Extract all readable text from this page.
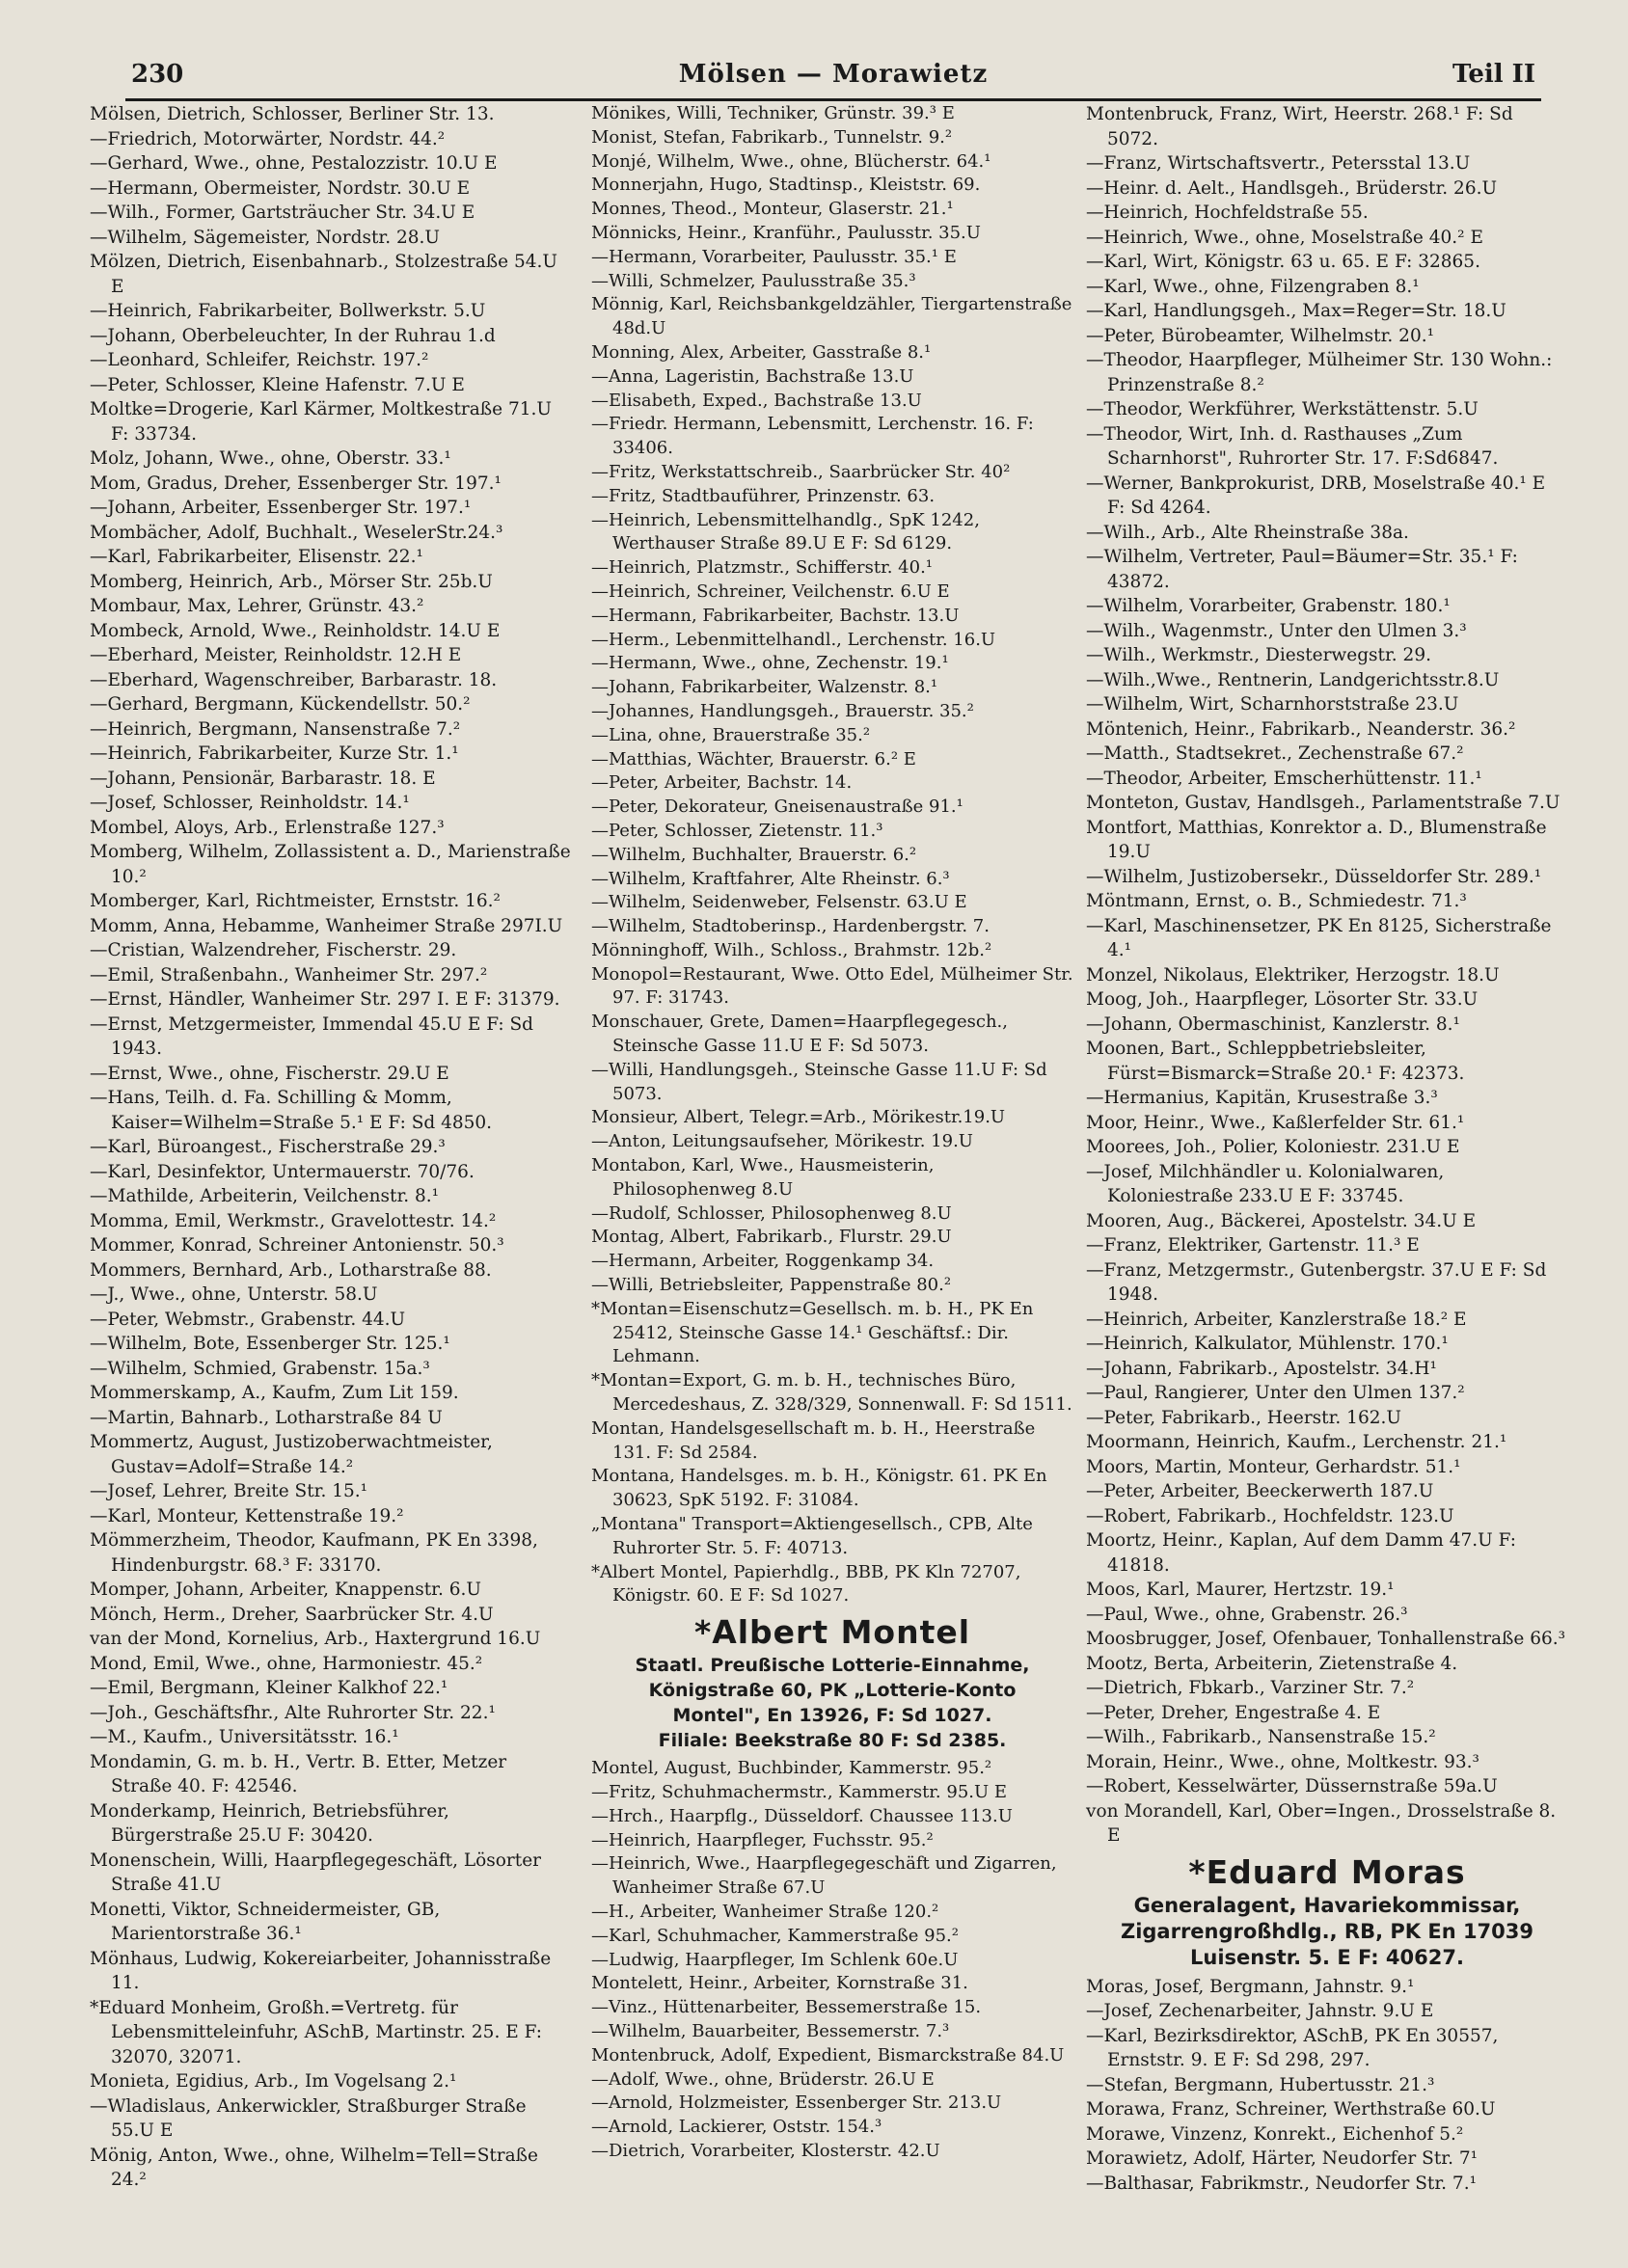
230	Mölsen — Morawietz	Teil II
Mölsen, Dietrich, Schlosser, Berliner Str. 13.
—Friedrich, Motorwärter, Nordstr. 44.²
—Gerhard, Wwe., ohne, Pestalozzistr. 10.U E
—Hermann, Obermeister, Nordstr. 30.U E
—Wilh., Former, Gartsträucher Str. 34.U E
—Wilhelm, Sägemeister, Nordstr. 28.U
Mölzen, Dietrich, Eisenbahnarb., Stolzestraße 54.U E
—Heinrich, Fabrikarbeiter, Bollwerkstr. 5.U
—Johann, Oberbeleuchter, In der Ruhrau 1.d
—Leonhard, Schleifer, Reichstr. 197.²
—Peter, Schlosser, Kleine Hafenstr. 7.U E
Moltke=Drogerie, Karl Kärmer, Moltkestraße 71.U F: 33734.
Molz, Johann, Wwe., ohne, Oberstr. 33.¹
Mom, Gradus, Dreher, Essenberger Str. 197.¹
—Johann, Arbeiter, Essenberger Str. 197.¹
Mombächer, Adolf, Buchhalt., WeselerStr.24.³
—Karl, Fabrikarbeiter, Elisenstr. 22.¹
Momberg, Heinrich, Arb., Mörser Str. 25b.U
Mombaur, Max, Lehrer, Grünstr. 43.²
Mombeck, Arnold, Wwe., Reinholdstr. 14.U E
—Eberhard, Meister, Reinholdstr. 12.H E
—Eberhard, Wagenschreiber, Barbarastr. 18.
—Gerhard, Bergmann, Kückendellstr. 50.²
—Heinrich, Bergmann, Nansenstraße 7.²
—Heinrich, Fabrikarbeiter, Kurze Str. 1.¹
—Johann, Pensionär, Barbarastr. 18. E
—Josef, Schlosser, Reinholdstr. 14.¹
Mombel, Aloys, Arb., Erlenstraße 127.³
Momberg, Wilhelm, Zollassistent a. D., Marienstraße 10.²
Momberger, Karl, Richtmeister, Ernststr. 16.²
Momm, Anna, Hebamme, Wanheimer Straße 297I.U
—Cristian, Walzendreher, Fischerstr. 29.
—Emil, Straßenbahn., Wanheimer Str. 297.²
—Ernst, Händler, Wanheimer Str. 297 I. E F: 31379.
—Ernst, Metzgermeister, Immendal 45.U E F: Sd 1943.
—Ernst, Wwe., ohne, Fischerstr. 29.U E
—Hans, Teilh. d. Fa. Schilling & Momm, Kaiser=Wilhelm=Straße 5.¹ E F: Sd 4850.
—Karl, Büroangest., Fischerstraße 29.³
—Karl, Desinfektor, Untermauerstr. 70/76.
—Mathilde, Arbeiterin, Veilchenstr. 8.¹
Momma, Emil, Werkmstr., Gravelottestr. 14.²
Mommer, Konrad, Schreiner Antonienstr. 50.³
Mommers, Bernhard, Arb., Lotharstraße 88.
—J., Wwe., ohne, Unterstr. 58.U
—Peter, Webmstr., Grabenstr. 44.U
—Wilhelm, Bote, Essenberger Str. 125.¹
—Wilhelm, Schmied, Grabenstr. 15a.³
Mommerskamp, A., Kaufm, Zum Lit 159.
—Martin, Bahnarb., Lotharstraße 84 U
Mommertz, August, Justizoberwachtmeister, Gustav=Adolf=Straße 14.²
—Josef, Lehrer, Breite Str. 15.¹
—Karl, Monteur, Kettenstraße 19.²
Mömmerzheim, Theodor, Kaufmann, PK En 3398, Hindenburgstr. 68.³ F: 33170.
Momper, Johann, Arbeiter, Knappenstr. 6.U
Mönch, Herm., Dreher, Saarbrücker Str. 4.U
van der Mond, Kornelius, Arb., Haxtergrund 16.U
Mond, Emil, Wwe., ohne, Harmoniestr. 45.²
—Emil, Bergmann, Kleiner Kalkhof 22.¹
—Joh., Geschäftsfhr., Alte Ruhrorter Str. 22.¹
—M., Kaufm., Universitätsstr. 16.¹
Mondamin, G. m. b. H., Vertr. B. Etter, Metzer Straße 40. F: 42546.
Monderkamp, Heinrich, Betriebsführer, Bürgerstraße 25.U F: 30420.
Monenschein, Willi, Haarpflegegeschäft, Lösorter Straße 41.U
Monetti, Viktor, Schneidermeister, GB, Marientorstraße 36.¹
Mönhaus, Ludwig, Kokereiarbeiter, Johannisstraße 11.
*Eduard Monheim, Großh.=Vertretg. für Lebensmitteleinfuhr, ASchB, Martinstr. 25. E F: 32070, 32071.
Monieta, Egidius, Arb., Im Vogelsang 2.¹
—Wladislaus, Ankerwickler, Straßburger Straße 55.U E
Mönig, Anton, Wwe., ohne, Wilhelm=Tell=Straße 24.²
Mönikes, Willi, Techniker, Grünstr. 39.³ E
Monist, Stefan, Fabrikarb., Tunnelstr. 9.²
Monjé, Wilhelm, Wwe., ohne, Blücherstr. 64.¹
Monnerjahn, Hugo, Stadtinsp., Kleiststr. 69.
Monnes, Theod., Monteur, Glaserstr. 21.¹
Mönnicks, Heinr., Kranführ., Paulusstr. 35.U
—Hermann, Vorarbeiter, Paulusstr. 35.¹ E
—Willi, Schmelzer, Paulusstraße 35.³
Mönnig, Karl, Reichsbankgeldzähler, Tiergartenstraße 48d.U
Monning, Alex, Arbeiter, Gasstraße 8.¹
—Anna, Lageristin, Bachstraße 13.U
—Elisabeth, Exped., Bachstraße 13.U
—Friedr. Hermann, Lebensmitt, Lerchenstr. 16. F: 33406.
—Fritz, Werkstattschreib., Saarbrücker Str. 40²
—Fritz, Stadtbauführer, Prinzenstr. 63.
—Heinrich, Lebensmittelhandlg., SpK 1242, Werthauser Straße 89.U E F: Sd 6129.
—Heinrich, Platzmstr., Schifferstr. 40.¹
—Heinrich, Schreiner, Veilchenstr. 6.U E
—Hermann, Fabrikarbeiter, Bachstr. 13.U
—Herm., Lebenmittelhandl., Lerchenstr. 16.U
—Hermann, Wwe., ohne, Zechenstr. 19.¹
—Johann, Fabrikarbeiter, Walzenstr. 8.¹
—Johannes, Handlungsgeh., Brauerstr. 35.²
—Lina, ohne, Brauerstraße 35.²
—Matthias, Wächter, Brauerstr. 6.² E
—Peter, Arbeiter, Bachstr. 14.
—Peter, Dekorateur, Gneisenaustraße 91.¹
—Peter, Schlosser, Zietenstr. 11.³
—Wilhelm, Buchhalter, Brauerstr. 6.²
—Wilhelm, Kraftfahrer, Alte Rheinstr. 6.³
—Wilhelm, Seidenweber, Felsenstr. 63.U E
—Wilhelm, Stadtoberinsp., Hardenbergstr. 7.
Mönninghoff, Wilh., Schloss., Brahmstr. 12b.²
Monopol=Restaurant, Wwe. Otto Edel, Mülheimer Str. 97. F: 31743.
Monschauer, Grete, Damen=Haarpflegegesch., Steinsche Gasse 11.U E F: Sd 5073.
—Willi, Handlungsgeh., Steinsche Gasse 11.U F: Sd 5073.
Monsieur, Albert, Telegr.=Arb., Mörikestr.19.U
—Anton, Leitungsaufseher, Mörikestr. 19.U
Montabon, Karl, Wwe., Hausmeisterin, Philosophenweg 8.U
—Rudolf, Schlosser, Philosophenweg 8.U
Montag, Albert, Fabrikarb., Flurstr. 29.U
—Hermann, Arbeiter, Roggenkamp 34.
—Willi, Betriebsleiter, Pappenstraße 80.²
*Montan=Eisenschutz=Gesellsch. m. b. H., PK En 25412, Steinsche Gasse 14.¹ Geschäftsf.: Dir. Lehmann.
*Montan=Export, G. m. b. H., technisches Büro, Mercedeshaus, Z. 328/329, Sonnenwall. F: Sd 1511.
Montan, Handelsgesellschaft m. b. H., Heerstraße 131. F: Sd 2584.
Montana, Handelsges. m. b. H., Königstr. 61. PK En 30623, SpK 5192. F: 31084.
„Montana" Transport=Aktiengesellsch., CPB, Alte Ruhrorter Str. 5. F: 40713.
*Albert Montel, Papierhdlg., BBB, PK Kln 72707, Königstr. 60. E F: Sd 1027.
*Albert Montel
Staatl. Preußische Lotterie-Einnahme,
Königstraße 60, PK „Lotterie-Konto
Montel", En 13926, F: Sd 1027.
Filiale: Beekstraße 80 F: Sd 2385.
Montel, August, Buchbinder, Kammerstr. 95.²
—Fritz, Schuhmachermstr., Kammerstr. 95.U E
—Hrch., Haarpflg., Düsseldorf. Chaussee 113.U
—Heinrich, Haarpfleger, Fuchsstr. 95.²
—Heinrich, Wwe., Haarpflegegeschäft und Zigarren, Wanheimer Straße 67.U
—H., Arbeiter, Wanheimer Straße 120.²
—Karl, Schuhmacher, Kammerstraße 95.²
—Ludwig, Haarpfleger, Im Schlenk 60e.U
Montelett, Heinr., Arbeiter, Kornstraße 31.
—Vinz., Hüttenarbeiter, Bessemerstraße 15.
—Wilhelm, Bauarbeiter, Bessemerstr. 7.³
Montenbruck, Adolf, Expedient, Bismarckstraße 84.U
—Adolf, Wwe., ohne, Brüderstr. 26.U E
—Arnold, Holzmeister, Essenberger Str. 213.U
—Arnold, Lackierer, Oststr. 154.³
—Dietrich, Vorarbeiter, Klosterstr. 42.U
Montenbruck, Franz, Wirt, Heerstr. 268.¹ F: Sd 5072.
—Franz, Wirtschaftsvertr., Petersstal 13.U
—Heinr. d. Aelt., Handlsgeh., Brüderstr. 26.U
—Heinrich, Hochfeldstraße 55.
—Heinrich, Wwe., ohne, Moselstraße 40.² E
—Karl, Wirt, Königstr. 63 u. 65. E F: 32865.
—Karl, Wwe., ohne, Filzengraben 8.¹
—Karl, Handlungsgeh., Max=Reger=Str. 18.U
—Peter, Bürobeamter, Wilhelmstr. 20.¹
—Theodor, Haarpfleger, Mülheimer Str. 130 Wohn.: Prinzenstraße 8.²
—Theodor, Werkführer, Werkstättenstr. 5.U
—Theodor, Wirt, Inh. d. Rasthauses „Zum Scharnhorst", Ruhrorter Str. 17. F:Sd6847.
—Werner, Bankprokurist, DRB, Moselstraße 40.¹ E F: Sd 4264.
—Wilh., Arb., Alte Rheinstraße 38a.
—Wilhelm, Vertreter, Paul=Bäumer=Str. 35.¹ F: 43872.
—Wilhelm, Vorarbeiter, Grabenstr. 180.¹
—Wilh., Wagenmstr., Unter den Ulmen 3.³
—Wilh., Werkmstr., Diesterwegstr. 29.
—Wilh.,Wwe., Rentnerin, Landgerichtsstr.8.U
—Wilhelm, Wirt, Scharnhorststraße 23.U
Möntenich, Heinr., Fabrikarb., Neanderstr. 36.²
—Matth., Stadtsekret., Zechenstraße 67.²
—Theodor, Arbeiter, Emscherhüttenstr. 11.¹
Monteton, Gustav, Handlsgeh., Parlamentstraße 7.U
Montfort, Matthias, Konrektor a. D., Blumenstraße 19.U
—Wilhelm, Justizobersekr., Düsseldorfer Str. 289.¹
Möntmann, Ernst, o. B., Schmiedestr. 71.³
—Karl, Maschinensetzer, PK En 8125, Sicherstraße 4.¹
Monzel, Nikolaus, Elektriker, Herzogstr. 18.U
Moog, Joh., Haarpfleger, Lösorter Str. 33.U
—Johann, Obermaschinist, Kanzlerstr. 8.¹
Moonen, Bart., Schleppbetriebsleiter, Fürst=Bismarck=Straße 20.¹ F: 42373.
—Hermanius, Kapitän, Krusestraße 3.³
Moor, Heinr., Wwe., Kaßlerfelder Str. 61.¹
Moorees, Joh., Polier, Koloniestr. 231.U E
—Josef, Milchhändler u. Kolonialwaren, Koloniestraße 233.U E F: 33745.
Mooren, Aug., Bäckerei, Apostelstr. 34.U E
—Franz, Elektriker, Gartenstr. 11.³ E
—Franz, Metzgermstr., Gutenbergstr. 37.U E F: Sd 1948.
—Heinrich, Arbeiter, Kanzlerstraße 18.² E
—Heinrich, Kalkulator, Mühlenstr. 170.¹
—Johann, Fabrikarb., Apostelstr. 34.H¹
—Paul, Rangierer, Unter den Ulmen 137.²
—Peter, Fabrikarb., Heerstr. 162.U
Moormann, Heinrich, Kaufm., Lerchenstr. 21.¹
Moors, Martin, Monteur, Gerhardstr. 51.¹
—Peter, Arbeiter, Beeckerwerth 187.U
—Robert, Fabrikarb., Hochfeldstr. 123.U
Moortz, Heinr., Kaplan, Auf dem Damm 47.U F: 41818.
Moos, Karl, Maurer, Hertzstr. 19.¹
—Paul, Wwe., ohne, Grabenstr. 26.³
Moosbrugger, Josef, Ofenbauer, Tonhallenstraße 66.³
Mootz, Berta, Arbeiterin, Zietenstraße 4.
—Dietrich, Fbkarb., Varziner Str. 7.²
—Peter, Dreher, Engestraße 4. E
—Wilh., Fabrikarb., Nansenstraße 15.²
Morain, Heinr., Wwe., ohne, Moltkestr. 93.³
—Robert, Kesselwärter, Düssernstraße 59a.U
von Morandell, Karl, Ober=Ingen., Drosselstraße 8. E
*Eduard Moras
Generalagent, Havariekommissar,
Zigarrengroßhdlg., RB, PK En 17039
Luisenstr. 5. E F: 40627.
Moras, Josef, Bergmann, Jahnstr. 9.¹
—Josef, Zechenarbeiter, Jahnstr. 9.U E
—Karl, Bezirksdirektor, ASchB, PK En 30557, Ernststr. 9. E F: Sd 298, 297.
—Stefan, Bergmann, Hubertusstr. 21.³
Morawa, Franz, Schreiner, Werthstraße 60.U
Morawe, Vinzenz, Konrekt., Eichenhof 5.²
Morawietz, Adolf, Härter, Neudorfer Str. 7¹
—Balthasar, Fabrikmstr., Neudorfer Str. 7.¹
